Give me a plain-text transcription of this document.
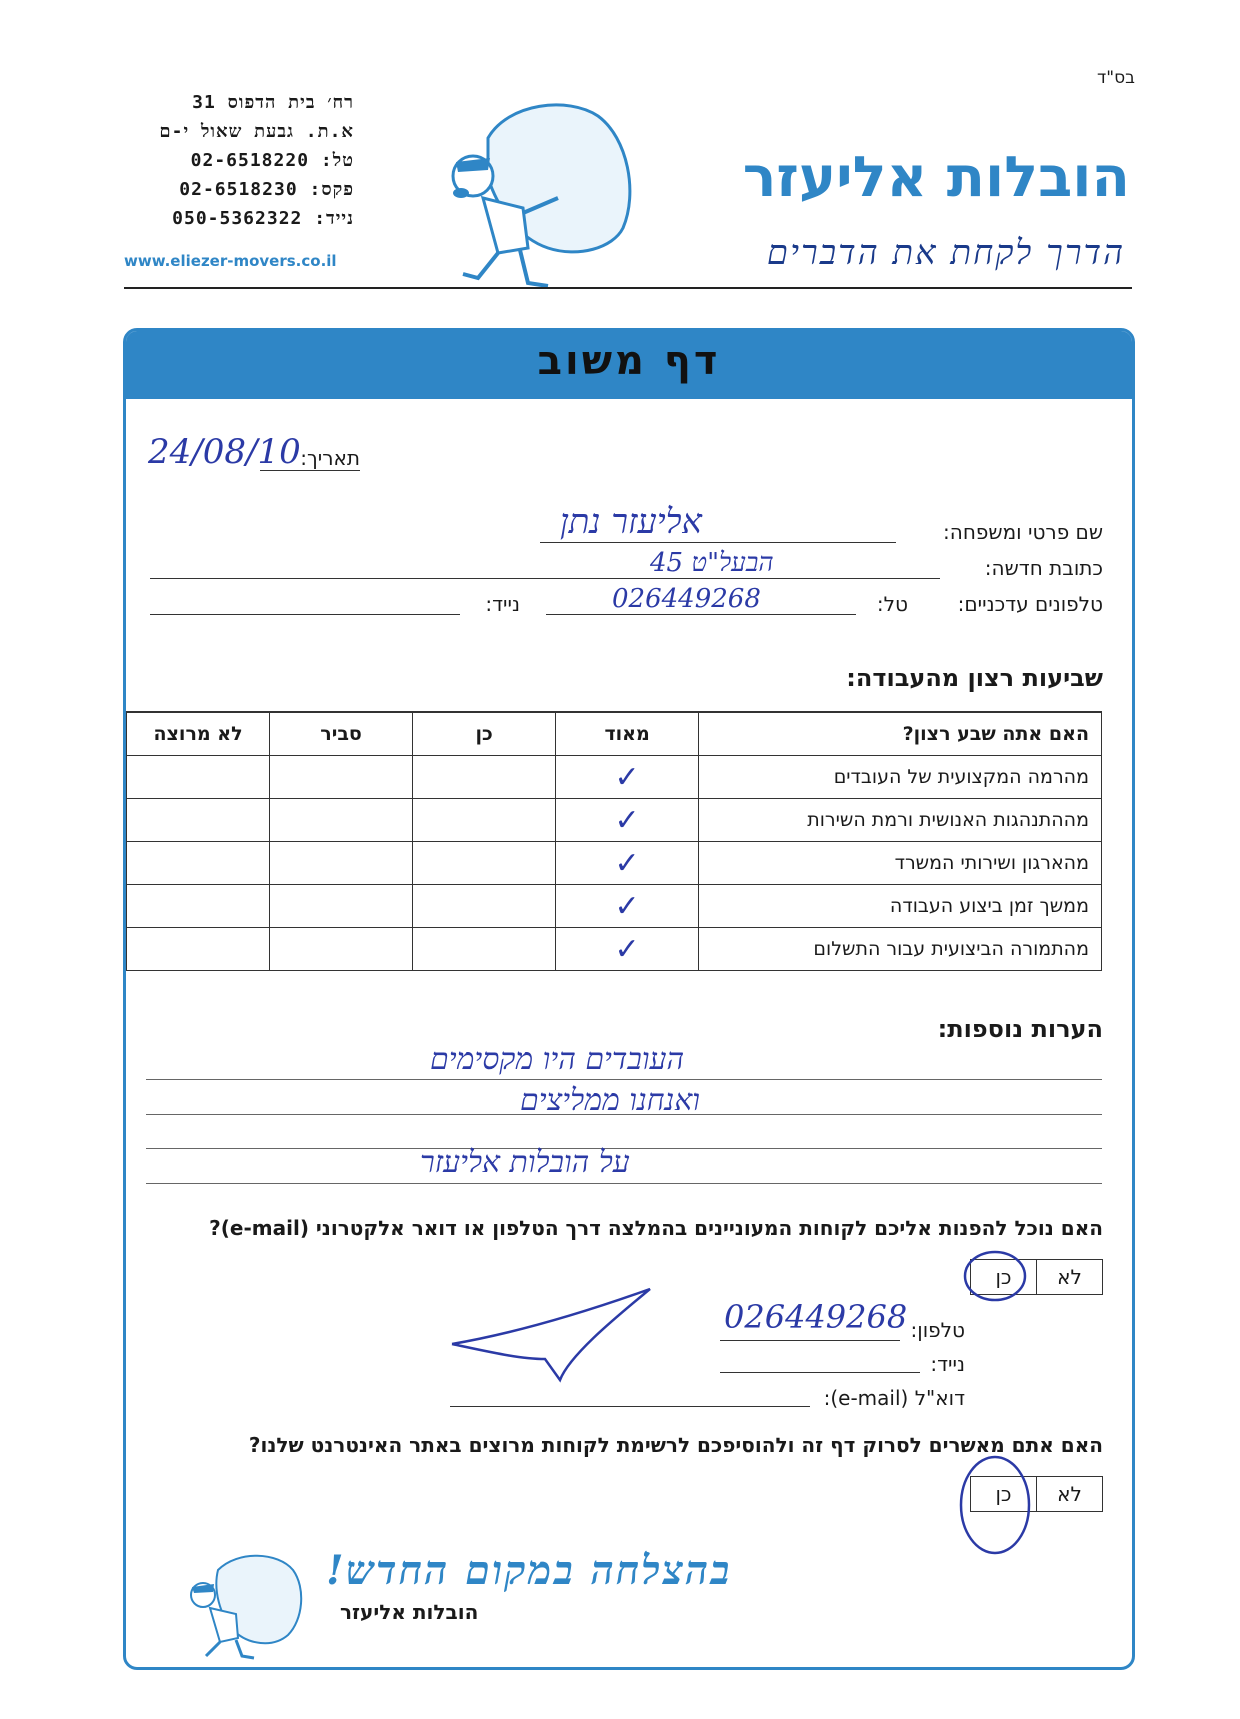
בס"ד
רח׳ בית הדפוס 31
א.ת. גבעת שאול י-ם
טל: 02-6518220
פקס: 02-6518230
נייד: 050-5362322
www.eliezer-movers.co.il
הובלות אליעזר
הדרך לקחת את הדברים
דף משוב
תאריך:
24/08/10
שם פרטי ומשפחה:
אליעזר נתן
כתובת חדשה:
הבעל"ט 45
טלפונים עדכניים:
טל:
026449268
נייד:
שביעות רצון מהעבודה:
האם אתה שבע רצון?	מאוד	כן	סביר	לא מרוצה
מהרמה המקצועית של העובדים	✓			
מההתנהגות האנושית ורמת השירות	✓			
מהארגון ושירותי המשרד	✓			
ממשך זמן ביצוע העבודה	✓			
מהתמורה הביצועית עבור התשלום	✓			
הערות נוספות:
העובדים היו מקסימים
ואנחנו ממליצים
על הובלות אליעזר
האם נוכל להפנות אליכם לקוחות המעוניינים בהמלצה דרך הטלפון או דואר אלקטרוני (e-mail)?
לא
כן
טלפון:
026449268
נייד:
דוא"ל (e-mail):
האם אתם מאשרים לסרוק דף זה ולהוסיפכם לרשימת לקוחות מרוצים באתר האינטרנט שלנו?
לא
כן
בהצלחה במקום החדש!
הובלות אליעזר
